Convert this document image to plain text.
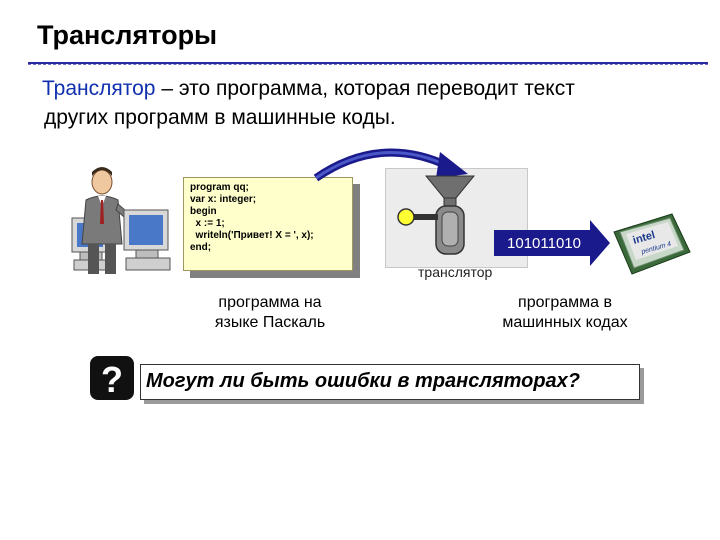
Трансляторы
Транслятор – это программа, которая переводит текст
других программ в машинные коды.
program qq;
var x: integer;
begin
x := 1;
writeln('Привет! X = ', x);
end;
транслятор
101011010	intel
pentium 4
программа на
языке Паскаль
программа в
машинных кодах
Могут ли быть ошибки в трансляторах?
?
